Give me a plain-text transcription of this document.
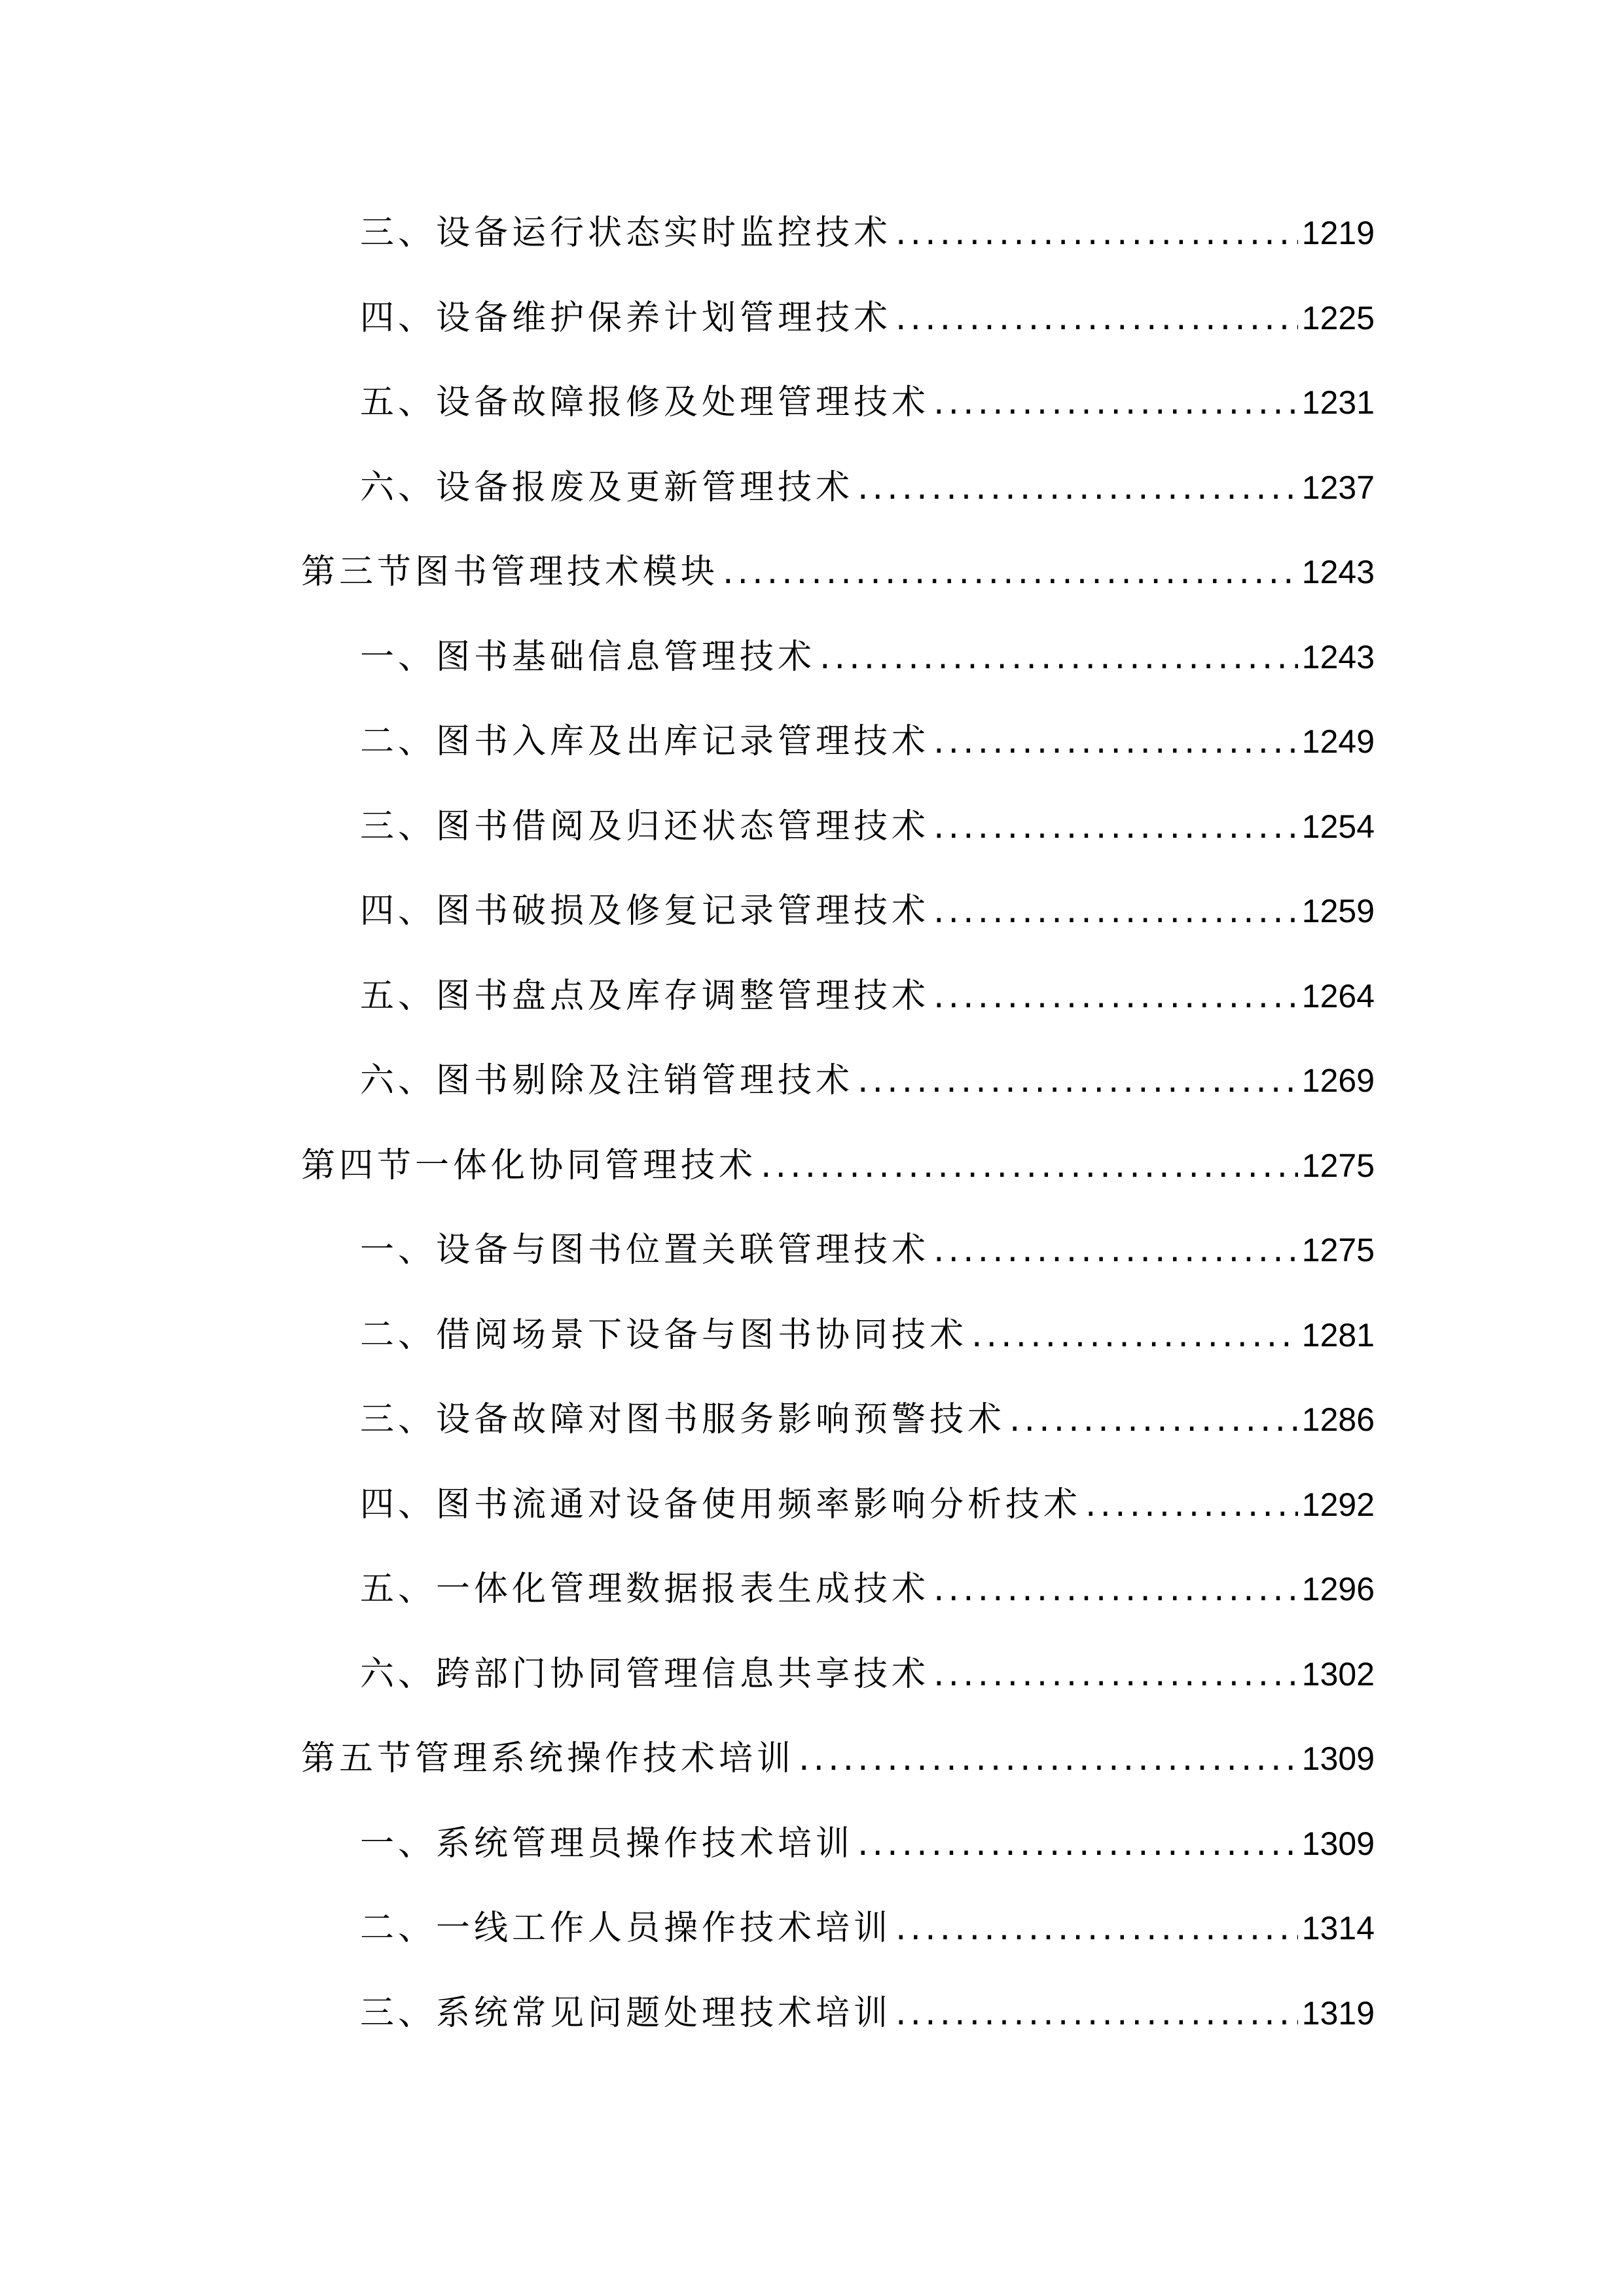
三、设备运行状态实时监控技术 .....	1219
四、设备维护保养计划管理技术 .....	1225
五、设备故障报修及处理管理技术 .....	1231
六、设备报废及更新管理技术 .....	1237
第三节图书管理技术模块 .....	1243
一、图书基础信息管理技术 .....	1243
二、图书入库及出库记录管理技术 .....	1249
三、图书借阅及归还状态管理技术 .....	1254
四、图书破损及修复记录管理技术 .....	1259
五、图书盘点及库存调整管理技术 .....	1264
六、图书剔除及注销管理技术 .....	1269
第四节一体化协同管理技术 .....	1275
一、设备与图书位置关联管理技术 .....	1275
二、借阅场景下设备与图书协同技术 .....	1281
三、设备故障对图书服务影响预警技术 .....	1286
四、图书流通对设备使用频率影响分析技术 .....	1292
五、一体化管理数据报表生成技术 .....	1296
六、跨部门协同管理信息共享技术 .....	1302
第五节管理系统操作技术培训 .....	1309
一、系统管理员操作技术培训 .....	1309
二、一线工作人员操作技术培训 .....	1314
三、系统常见问题处理技术培训 .....	1319
